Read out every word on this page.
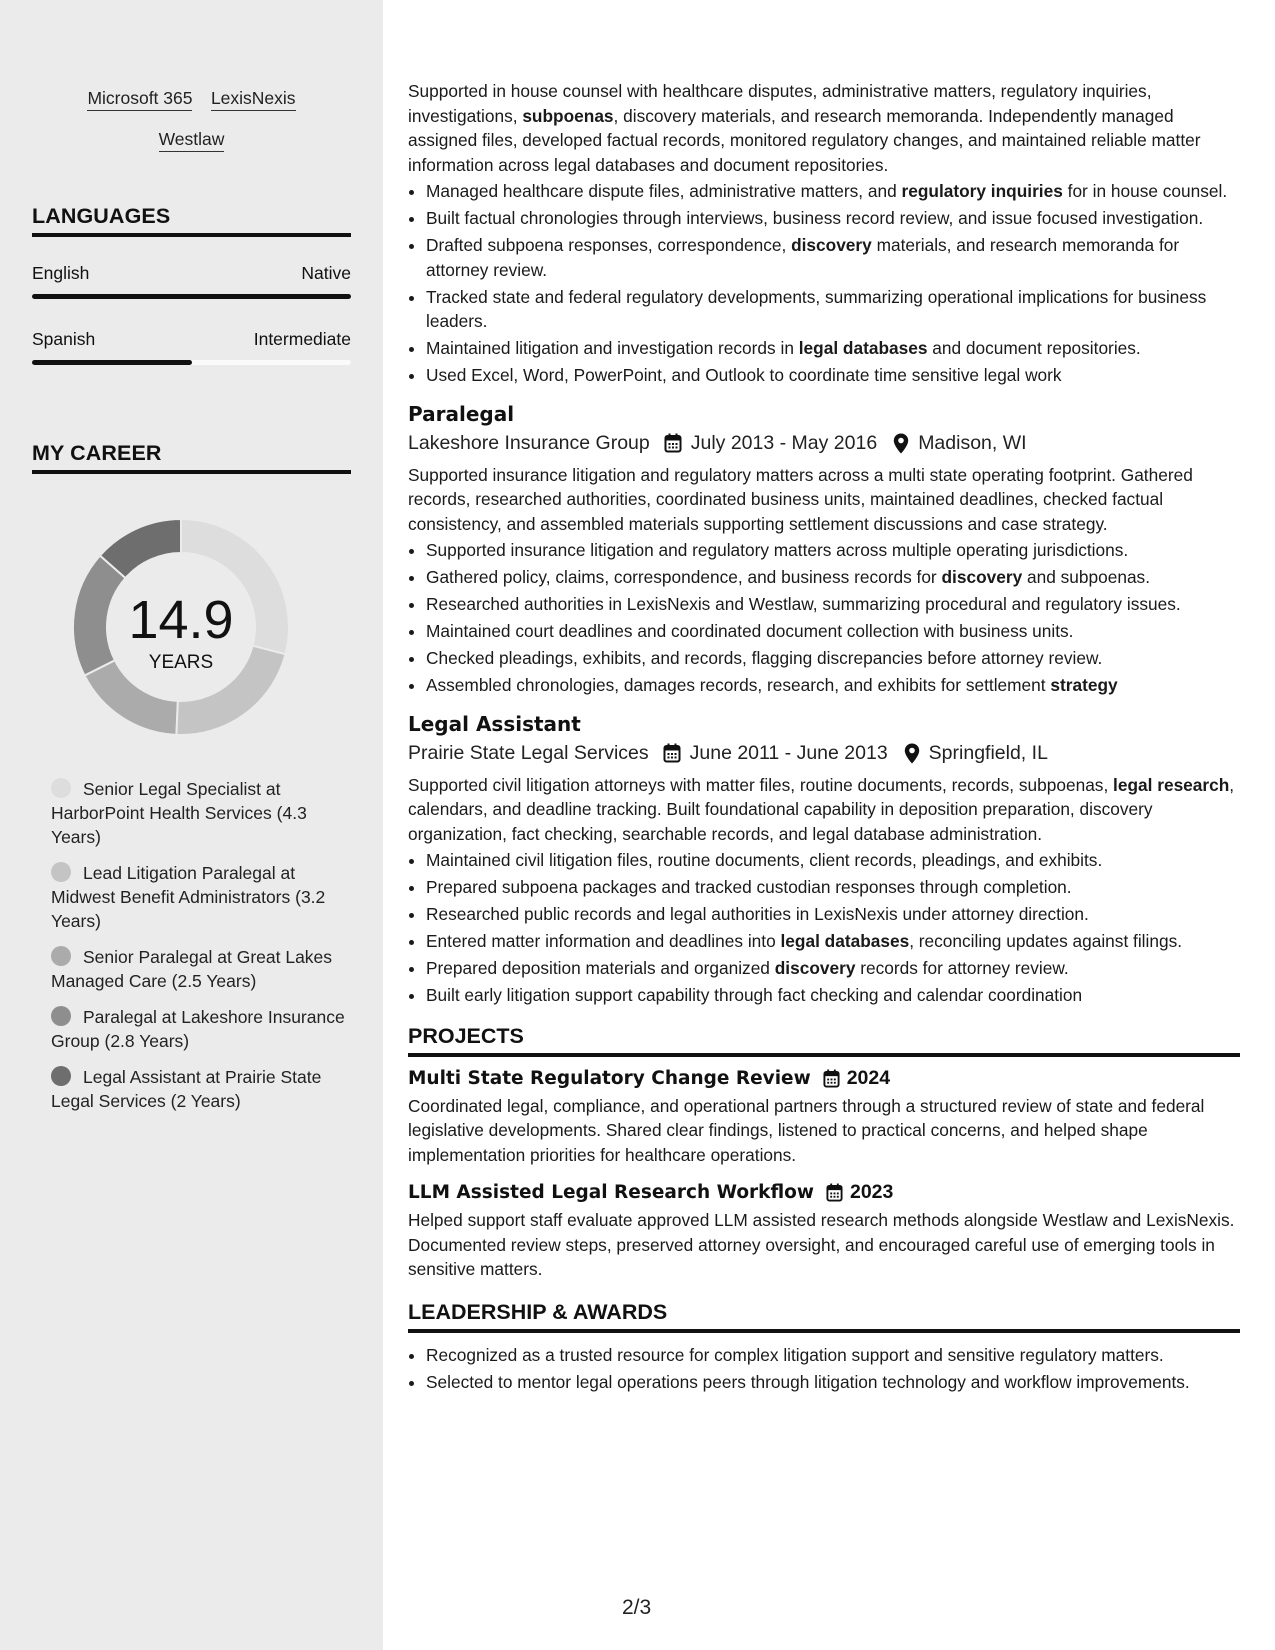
Microsoft 365 LexisNexis
Westlaw
LANGUAGES
English	Native
Spanish	Intermediate
MY CAREER
14.9
YEARS
Senior Legal Specialist at HarborPoint Health Services (4.3 Years)
Lead Litigation Paralegal at Midwest Benefit Administrators (3.2 Years)
Senior Paralegal at Great Lakes Managed Care (2.5 Years)
Paralegal at Lakeshore Insurance Group (2.8 Years)
Legal Assistant at Prairie State Legal Services (2 Years)

Supported in house counsel with healthcare disputes, administrative matters, regulatory inquiries, investigations, subpoenas, discovery materials, and research memoranda. Independently managed assigned files, developed factual records, monitored regulatory changes, and maintained reliable matter information across legal databases and document repositories.

• Managed healthcare dispute files, administrative matters, and regulatory inquiries for in house counsel.
• Built factual chronologies through interviews, business record review, and issue focused investigation.
• Drafted subpoena responses, correspondence, discovery materials, and research memoranda for attorney review.
• Tracked state and federal regulatory developments, summarizing operational implications for business leaders.
• Maintained litigation and investigation records in legal databases and document repositories.
• Used Excel, Word, PowerPoint, and Outlook to coordinate time sensitive legal work
Paralegal
Lakeshore Insurance Group July 2013 - May 2016 Madison, WI

Supported insurance litigation and regulatory matters across a multi state operating footprint. Gathered records, researched authorities, coordinated business units, maintained deadlines, checked factual consistency, and assembled materials supporting settlement discussions and case strategy.

• Supported insurance litigation and regulatory matters across multiple operating jurisdictions.
• Gathered policy, claims, correspondence, and business records for discovery and subpoenas.
• Researched authorities in LexisNexis and Westlaw, summarizing procedural and regulatory issues.
• Maintained court deadlines and coordinated document collection with business units.
• Checked pleadings, exhibits, and records, flagging discrepancies before attorney review.
• Assembled chronologies, damages records, research, and exhibits for settlement strategy
Legal Assistant
Prairie State Legal Services June 2011 - June 2013 Springfield, IL

Supported civil litigation attorneys with matter files, routine documents, records, subpoenas, legal research, calendars, and deadline tracking. Built foundational capability in deposition preparation, discovery organization, fact checking, searchable records, and legal database administration.

• Maintained civil litigation files, routine documents, client records, pleadings, and exhibits.
• Prepared subpoena packages and tracked custodian responses through completion.
• Researched public records and legal authorities in LexisNexis under attorney direction.
• Entered matter information and deadlines into legal databases, reconciling updates against filings.
• Prepared deposition materials and organized discovery records for attorney review.
• Built early litigation support capability through fact checking and calendar coordination
PROJECTS
Multi State Regulatory Change Review 2024

Coordinated legal, compliance, and operational partners through a structured review of state and federal legislative developments. Shared clear findings, listened to practical concerns, and helped shape implementation priorities for healthcare operations.

LLM Assisted Legal Research Workflow 2023

Helped support staff evaluate approved LLM assisted research methods alongside Westlaw and LexisNexis. Documented review steps, preserved attorney oversight, and encouraged careful use of emerging tools in sensitive matters.

LEADERSHIP & AWARDS
• Recognized as a trusted resource for complex litigation support and sensitive regulatory matters.
• Selected to mentor legal operations peers through litigation technology and workflow improvements.
2/3
